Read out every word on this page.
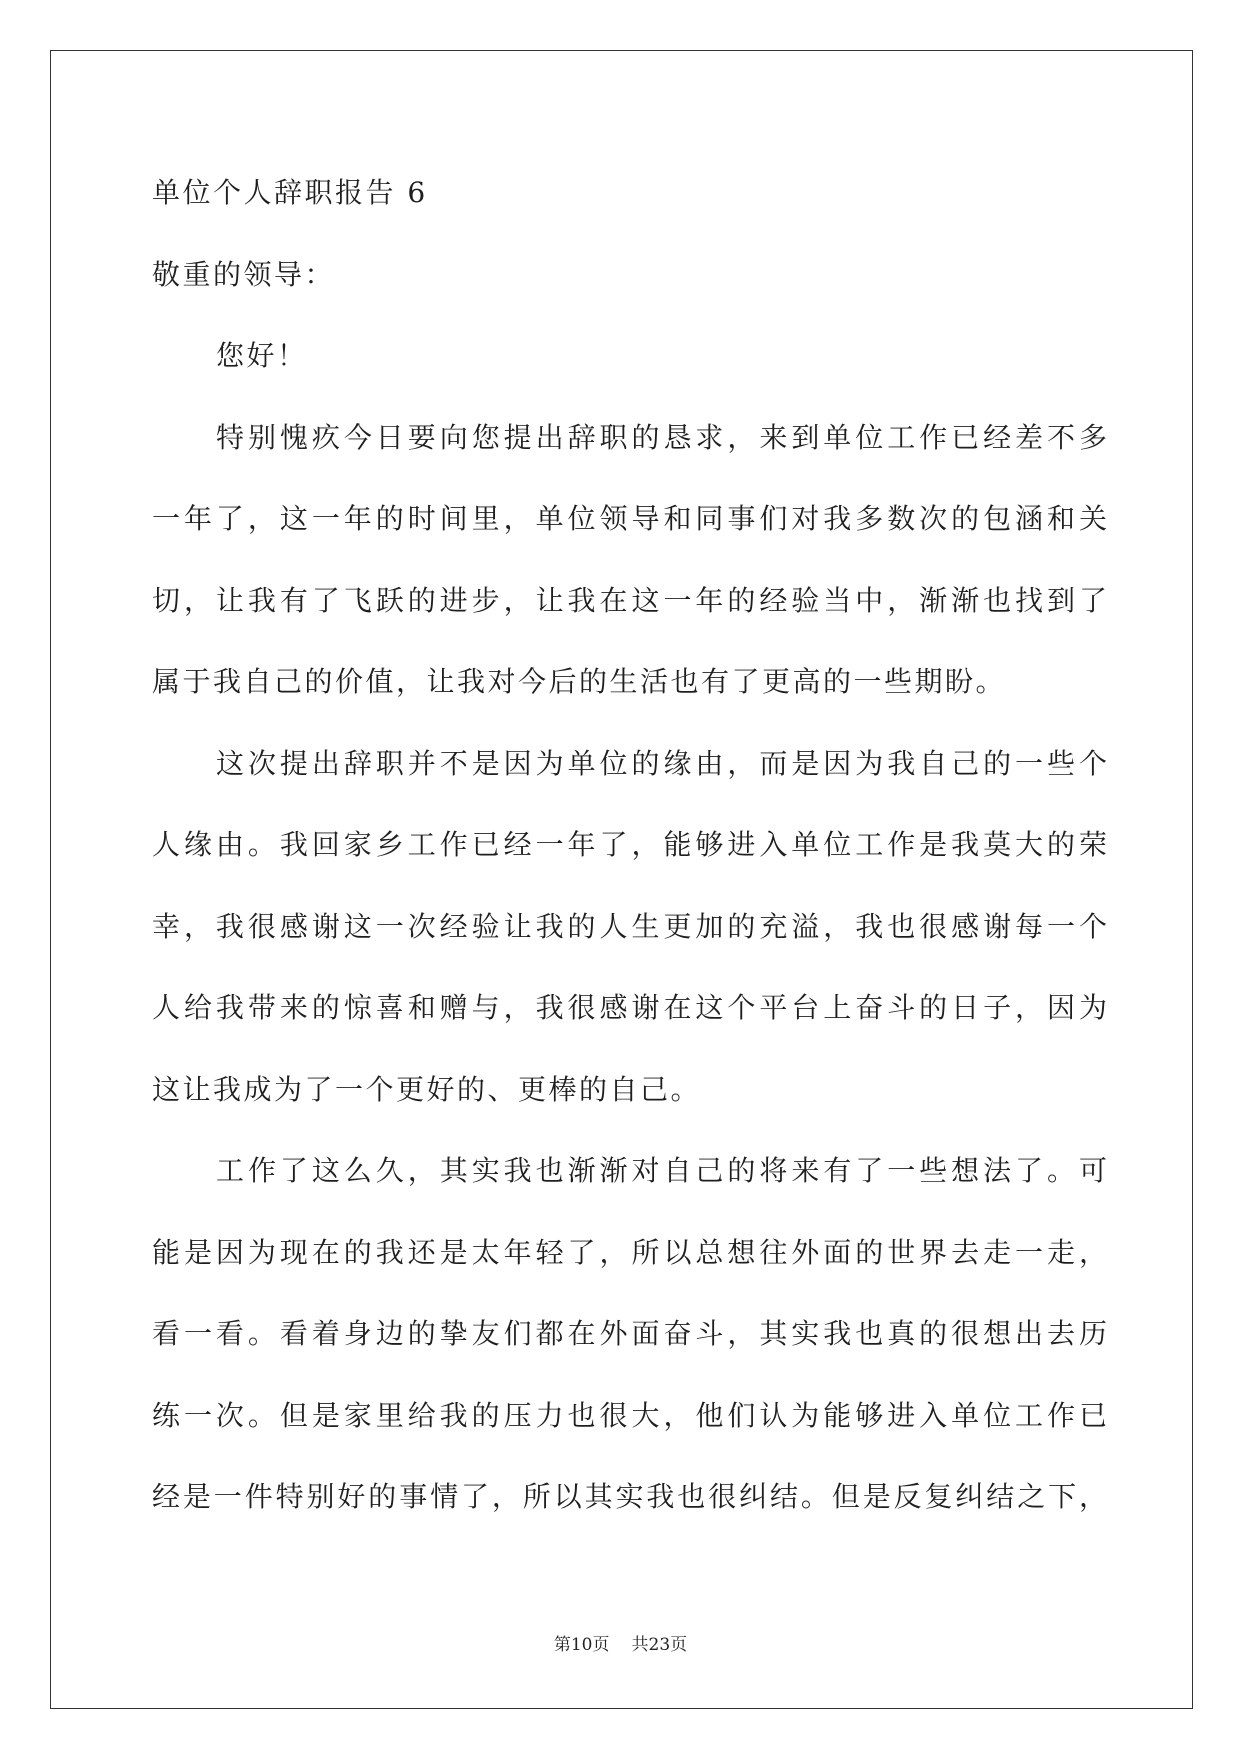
单位个人辞职报告 6
敬重的领导：
您好！
特别愧疚今日要向您提出辞职的恳求，来到单位工作已经差不多
一年了，这一年的时间里，单位领导和同事们对我多数次的包涵和关
切，让我有了飞跃的进步，让我在这一年的经验当中，渐渐也找到了
属于我自己的价值，让我对今后的生活也有了更高的一些期盼。
这次提出辞职并不是因为单位的缘由，而是因为我自己的一些个
人缘由。我回家乡工作已经一年了，能够进入单位工作是我莫大的荣
幸，我很感谢这一次经验让我的人生更加的充溢，我也很感谢每一个
人给我带来的惊喜和赠与，我很感谢在这个平台上奋斗的日子，因为
这让我成为了一个更好的、更棒的自己。
工作了这么久，其实我也渐渐对自己的将来有了一些想法了。可
能是因为现在的我还是太年轻了，所以总想往外面的世界去走一走，
看一看。看着身边的挚友们都在外面奋斗，其实我也真的很想出去历
练一次。但是家里给我的压力也很大，他们认为能够进入单位工作已
经是一件特别好的事情了，所以其实我也很纠结。但是反复纠结之下，
第10页 共23页
